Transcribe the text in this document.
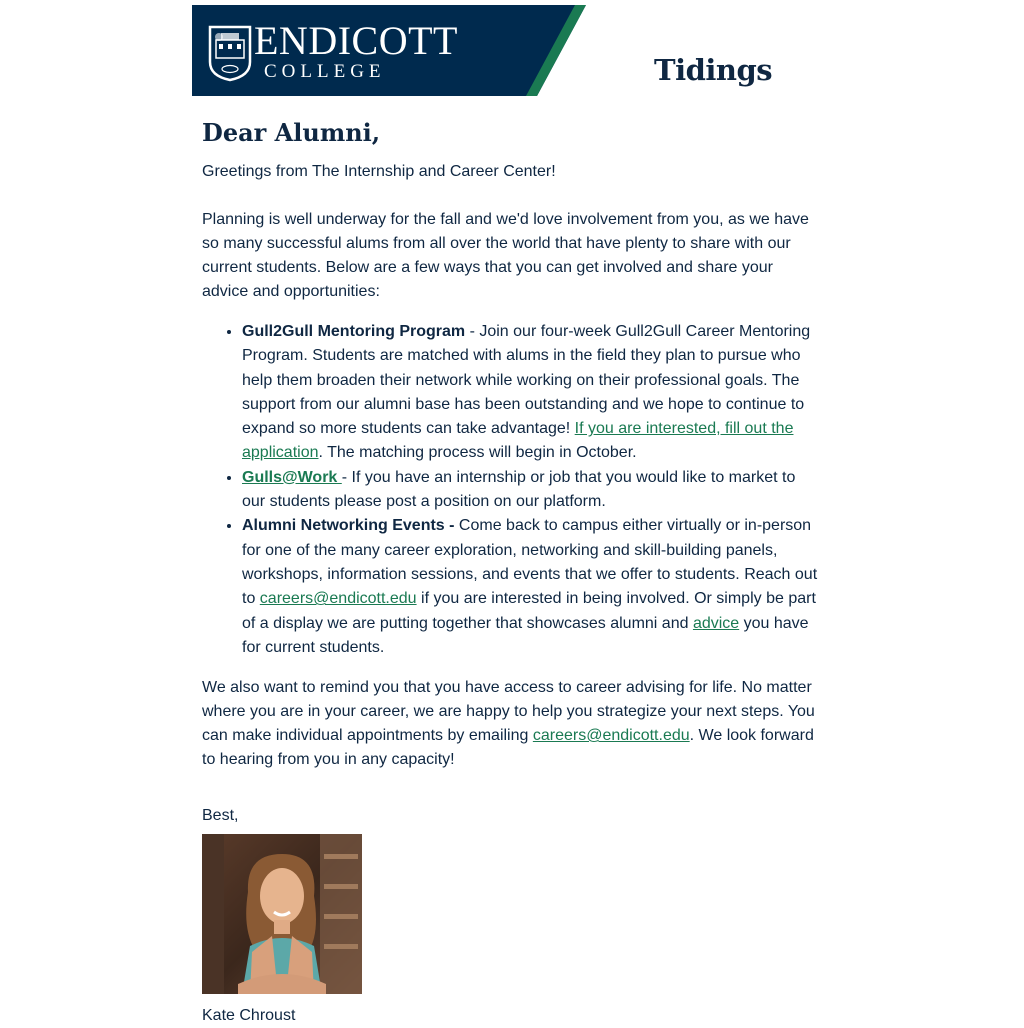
ENDICOTT
COLLEGE	Tidings
Dear Alumni,

Greetings from The Internship and Career Center!

Planning is well underway for the fall and we'd love involvement from you, as we have so many successful alums from all over the world that have plenty to share with our current students. Below are a few ways that you can get involved and share your advice and opportunities:

• Gull2Gull Mentoring Program - Join our four-week Gull2Gull Career Mentoring Program. Students are matched with alums in the field they plan to pursue who help them broaden their network while working on their professional goals. The support from our alumni base has been outstanding and we hope to continue to expand so more students can take advantage! If you are interested, fill out the application. The matching process will begin in October.
• Gulls@Work - If you have an internship or job that you would like to market to our students please post a position on our platform.
• Alumni Networking Events - Come back to campus either virtually or in-person for one of the many career exploration, networking and skill-building panels, workshops, information sessions, and events that we offer to students. Reach out to careers@endicott.edu if you are interested in being involved. Or simply be part of a display we are putting together that showcases alumni and advice you have for current students.

We also want to remind you that you have access to career advising for life. No matter where you are in your career, we are happy to help you strategize your next steps. You can make individual appointments by emailing careers@endicott.edu. We look forward to hearing from you in any capacity!

Best,

Kate Chroust
